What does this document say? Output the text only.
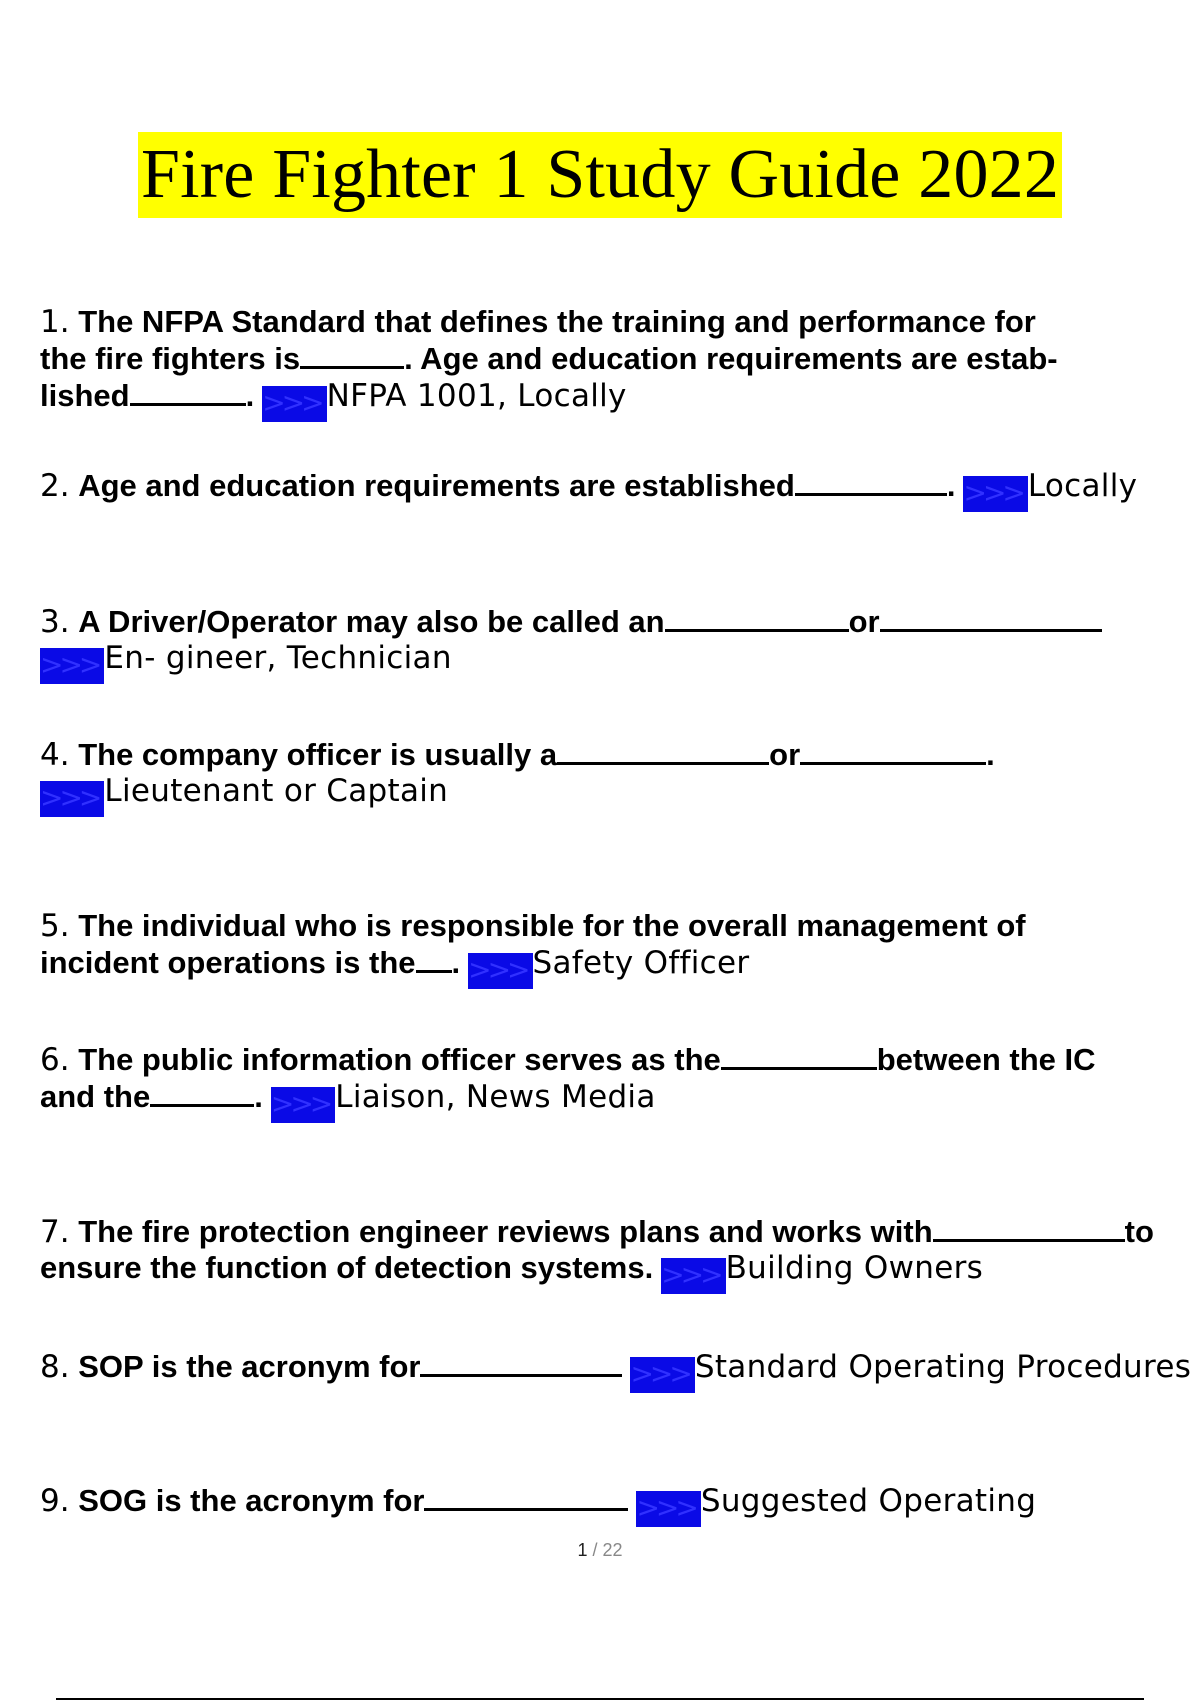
Fire Fighter 1 Study Guide 2022
1. The NFPA Standard that defines the training and performance for
the fire fighters is	. Age and education requirements are estab-
lished	. >>> NFPA 1001, Locally
2. Age and education requirements are established	. >>> Locally
3. A Driver/Operator may also be called an	or
>>> En- gineer, Technician
4. The company officer is usually a	or	.
>>> Lieutenant or Captain
5. The individual who is responsible for the overall management of
incident operations is the . >>> Safety Officer
6. The public information officer serves as the	between the IC
and the	. >>> Liaison, News Media
7. The fire protection engineer reviews plans and works with	to
ensure the function of detection systems. >>> Building Owners
8. SOP is the acronym for	>>> Standard Operating Procedures
9. SOG is the acronym for	>>> Suggested Operating
1 / 22
